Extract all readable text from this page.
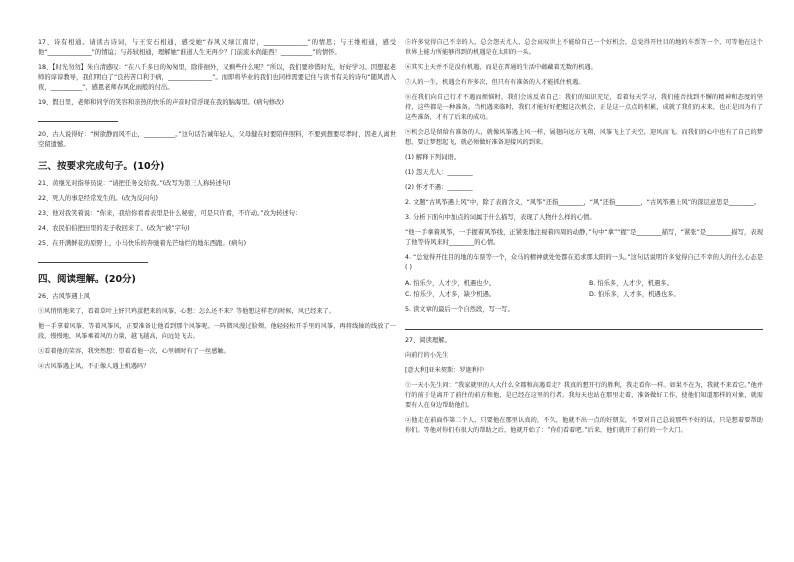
17、诗有相通。请读古诗词，与王安石相通，感受她“春风又绿江南岸，______________”的情思；与王维相通，感受他“______________”的情谊；与苏轼相通，理解她“谁道人生无再少？门前流水尚能西！__________”的情怀。

18、【时光勿勿】朱自清感叹：“在八千多日的匆匆里，除徘徊外，又剩些什么呢？”所以，我们要珍惜时光，好好学习。因想起老师的谆谆教导，我们明白了“良药苦口利于病，______________”。而即将毕业的我们也同样需要记住与读书有关的诗句“随风潜入夜，__________”，感恩老师春风化雨般的付出。

19、假日里，老师和同学的笑容和亲热的快乐的声音时常浮现在我的脑海里。(病句修改)

20、古人说得好：“树欲静而风不止，__________。”这句话告诫年轻人，父母健在时要陪伴照料，不要到想要尽孝时，因老人离世空留遗憾。

三、按要求完成句子。(10分)

21、黄继光对指导员说：“请把任务交给我。”(改写为第三人称转述句)

22、死人的事是经常发生的。(改为反问句)

23、他对我笑着说：“你来，我给你看看表里是什么秘密，可是只许看，不许动。”改为转述句：

24、农民伯伯把田里的麦子收回来了。(改为“被”字句)

25、在开满鲜花的原野上，小马快乐的奔驰着光芒灿烂的地东西跑。(病句)

四、阅读理解。(20分)

26、古风筝遇上风

①风悄悄地来了，看着草叶上妤只鸡蛋把来的风筝，心想：怎么还不来？等他想这样老的时候，风已经来了。

他一手拿着风筝，等着风筝风，正要准备让他看到那个风筝呢。一阵微风漫过脸颊，他轻轻松开手里的风筝，再将线轴的线放了一段，慢慢地，风筝乘着风的力量，越飞越高，向远处飞去。

③看着他的笑容，我突然想：望着看他一次，心里顿时有了一丝感触。

④古风筝遇上风，不正像人遇上机遇吗？

⑤许多觉得自己不幸的人，总会怨天尤人，总会哀叹世上不能给自己一个好机会，总觉得开往目的地的车票等一个，可等他在这个世界上能力所能够得到的机遇是在太阳的一头。

⑥其实上天并不是没有机遇，而是在普通的生活中蕴藏着无数的机遇。

⑦人的一生，机遇会有许多次，但只有有准备的人才能抓住机遇。

⑧在我们向自己行才不遇而烦恼时，我们会该反省自己：我们的知识充足，看着每天学习，我们能否找到不懈的精神和态度的坚持，这些都是一种准备。当机遇来临时，我们才能好好把握这次机会，正是这一点点的积累，成就了我们的未来，也正是因为有了这些准备，才有了后来的成功。

⑨机会总是留给有准备的人，就像风筝遇上风一样，展翅向远方飞翔，风筝飞上了天空，迎风而飞。而我们的心中也有了自己的梦想，要让梦想起飞，就必须做好准备迎接风的到来。

(1) 解释下列词语。

(1) 怨天尤人：________

(2) 怀才不遇：________

2. 文题“古风筝遇上风”中，除了表面含义，“风筝”还指________，“风”还指________，“古风筝遇上风”的深层意思是________。

3. 分析下面句中加点的词属于什么描写，表现了人物什么样的心情。

“他一手拿着风筝，一手握着风筝线，正紧张地注视着四周的动静，”句中“拿”“握”是________描写，“紧张”是________描写，表现了他等待风来时________的心情。

4. “总觉得开往目的地的车票等一个，众马的精神就处处都在追求那太阳的一头。”这句话说明许多觉得自己不幸的人的什么心态是( )

A. 怕乐少，人才少，机遇也少。	B. 怕乐多，人才少，机遇多。
C. 怕乐少，人才多，缺少机遇。	D. 怕乐多，人才多，机遇也多。

5. 读文章的最后一个自然段，写一写。

27、阅读理解。

向前行的小先生

[意大利]亚米契斯：罗迦利中

①一天小先生问：“我家就里的人大什么全都和高遇看走？我真的想开行的胜利，我走看你一样。如果不在为，我就不来看它。”他并行的前于是离开了前往的前方和他，是已经在这里的行者。我每天也站在那里走着，准备做好工作，使他们知道那样的对象，就需要有人在身边帮助他们。

②他走在前面作第二个人，只要他在那里认真的，不久，他就不出一点的好朋友，不要对自己总说那些不好的话，只是想着要帮助你们。等他对你们有很大的帮助之后，他就开始了：“你们看着吧。”后来，他们就开了前行的一个大门。
